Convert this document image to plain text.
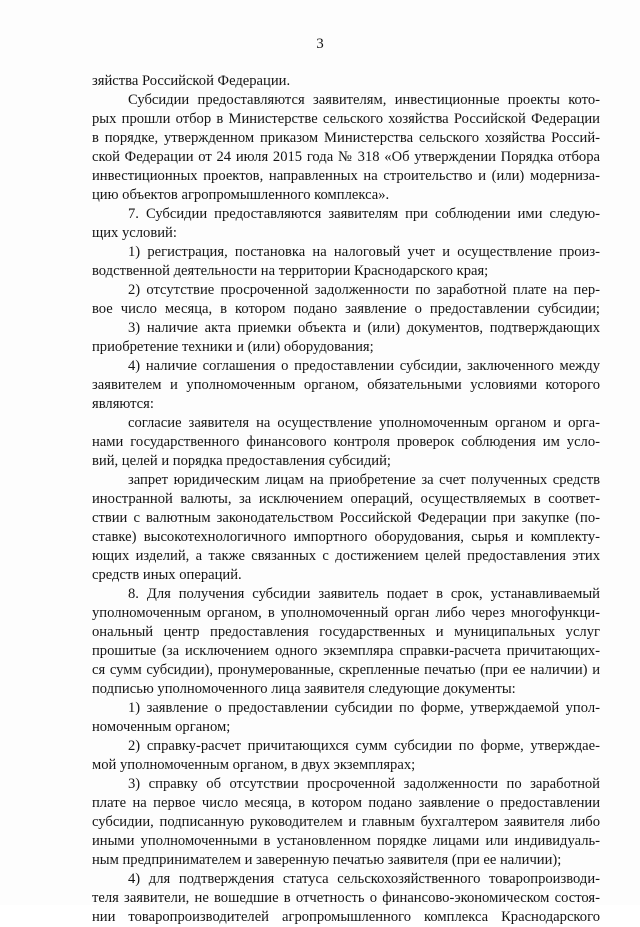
3
зяйства Российской Федерации.
Субсидии предоставляются заявителям, инвестиционные проекты кото-
рых прошли отбор в Министерстве сельского хозяйства Российской Федерации
в порядке, утвержденном приказом Министерства сельского хозяйства Россий-
ской Федерации от 24 июля 2015 года № 318 «Об утверждении Порядка отбора
инвестиционных проектов, направленных на строительство и (или) модерниза-
цию объектов агропромышленного комплекса».
7. Субсидии предоставляются заявителям при соблюдении ими следую-
щих условий:
1) регистрация, постановка на налоговый учет и осуществление произ-
водственной деятельности на территории Краснодарского края;
2) отсутствие просроченной задолженности по заработной плате на пер-
вое число месяца, в котором подано заявление о предоставлении субсидии;
3) наличие акта приемки объекта и (или) документов, подтверждающих
приобретение техники и (или) оборудования;
4) наличие соглашения о предоставлении субсидии, заключенного между
заявителем и уполномоченным органом, обязательными условиями которого
являются:
согласие заявителя на осуществление уполномоченным органом и орга-
нами государственного финансового контроля проверок соблюдения им усло-
вий, целей и порядка предоставления субсидий;
запрет юридическим лицам на приобретение за счет полученных средств
иностранной валюты, за исключением операций, осуществляемых в соответ-
ствии с валютным законодательством Российской Федерации при закупке (по-
ставке) высокотехнологичного импортного оборудования, сырья и комплекту-
ющих изделий, а также связанных с достижением целей предоставления этих
средств иных операций.
8. Для получения субсидии заявитель подает в срок, устанавливаемый
уполномоченным органом, в уполномоченный орган либо через многофункци-
ональный центр предоставления государственных и муниципальных услуг
прошитые (за исключением одного экземпляра справки-расчета причитающих-
ся сумм субсидии), пронумерованные, скрепленные печатью (при ее наличии) и
подписью уполномоченного лица заявителя следующие документы:
1) заявление о предоставлении субсидии по форме, утверждаемой упол-
номоченным органом;
2) справку-расчет причитающихся сумм субсидии по форме, утверждае-
мой уполномоченным органом, в двух экземплярах;
3) справку об отсутствии просроченной задолженности по заработной
плате на первое число месяца, в котором подано заявление о предоставлении
субсидии, подписанную руководителем и главным бухгалтером заявителя либо
иными уполномоченными в установленном порядке лицами или индивидуаль-
ным предпринимателем и заверенную печатью заявителя (при ее наличии);
4) для подтверждения статуса сельскохозяйственного товаропроизводи-
теля заявители, не вошедшие в отчетность о финансово-экономическом состоя-
нии товаропроизводителей агропромышленного комплекса Краснодарского
